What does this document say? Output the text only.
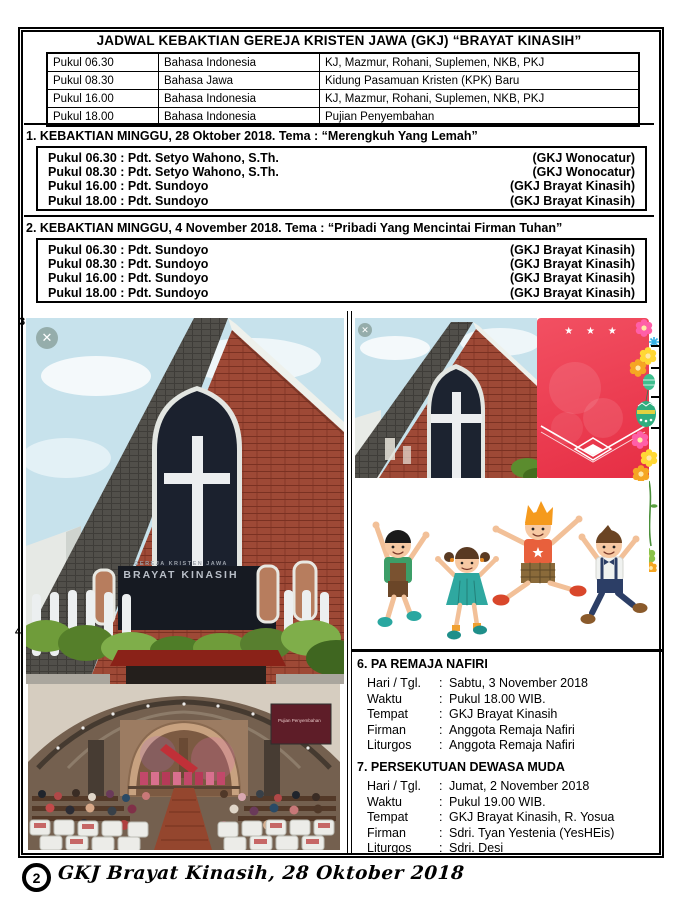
JADWAL KEBAKTIAN GEREJA KRISTEN JAWA (GKJ) “BRAYAT KINASIH”
Pukul 06.30	Bahasa Indonesia	KJ, Mazmur, Rohani, Suplemen, NKB, PKJ
Pukul 08.30	Bahasa Jawa	Kidung Pasamuan Kristen (KPK) Baru
Pukul 16.00	Bahasa Indonesia	KJ, Mazmur, Rohani, Suplemen, NKB, PKJ
Pukul 18.00	Bahasa Indonesia	Pujian Penyembahan
1. KEBAKTIAN MINGGU, 28 Oktober 2018. Tema : “Merengkuh Yang Lemah”
Pukul 06.30 : Pdt. Setyo Wahono, S.Th.	(GKJ Wonocatur)
Pukul 08.30 : Pdt. Setyo Wahono, S.Th.	(GKJ Wonocatur)
Pukul 16.00 : Pdt. Sundoyo	(GKJ Brayat Kinasih)
Pukul 18.00 : Pdt. Sundoyo	(GKJ Brayat Kinasih)
2. KEBAKTIAN MINGGU, 4 November 2018. Tema : “Pribadi Yang Mencintai Firman Tuhan”
Pukul 06.30 : Pdt. Sundoyo	(GKJ Brayat Kinasih)
Pukul 08.30 : Pdt. Sundoyo	(GKJ Brayat Kinasih)
Pukul 16.00 : Pdt. Sundoyo	(GKJ Brayat Kinasih)
Pukul 18.00 : Pdt. Sundoyo	(GKJ Brayat Kinasih)
3
4
✕
GEREJA KRISTEN JAWA
BRAYAT KINASIH
Pujian Penyembahan
✕	★ ★ ★
6. PA REMAJA NAFIRI
Hari / Tgl.	: Sabtu, 3 November 2018
Waktu	: Pukul 18.00 WIB.
Tempat	: GKJ Brayat Kinasih
Firman	: Anggota Remaja Nafiri
Liturgos	: Anggota Remaja Nafiri
7. PERSEKUTUAN DEWASA MUDA
Hari / Tgl.	: Jumat, 2 November 2018
Waktu	: Pukul 19.00 WIB.
Tempat	: GKJ Brayat Kinasih, R. Yosua
Firman	: Sdri. Tyan Yestenia (YesHEis)
Liturgos	: Sdri. Desi
2 GKJ Brayat Kinasih, 28 Oktober 2018
